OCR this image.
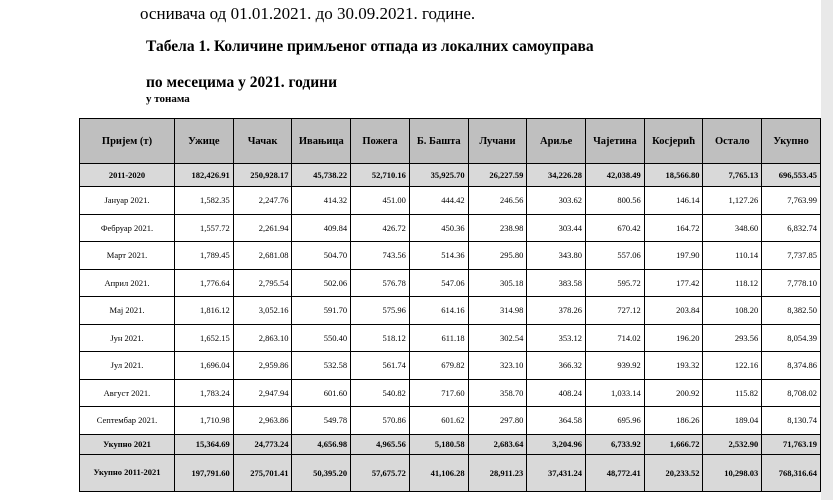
оснивача од 01.01.2021. до 30.09.2021. године.
Табела 1. Количине примљеног отпада из локалних самоуправа
по месецима у 2021. години
у тонама
Пријем (т)	Ужице	Чачак	Ивањица	Пожега	Б. Башта	Лучани	Ариље	Чајетина	Косјерић	Остало	Укупно
2011-2020	182,426.91	250,928.17	45,738.22	52,710.16	35,925.70	26,227.59	34,226.28	42,038.49	18,566.80	7,765.13	696,553.45
Јануар 2021.	1,582.35	2,247.76	414.32	451.00	444.42	246.56	303.62	800.56	146.14	1,127.26	7,763.99
Фебруар 2021.	1,557.72	2,261.94	409.84	426.72	450.36	238.98	303.44	670.42	164.72	348.60	6,832.74
Март 2021.	1,789.45	2,681.08	504.70	743.56	514.36	295.80	343.80	557.06	197.90	110.14	7,737.85
Април 2021.	1,776.64	2,795.54	502.06	576.78	547.06	305.18	383.58	595.72	177.42	118.12	7,778.10
Мај 2021.	1,816.12	3,052.16	591.70	575.96	614.16	314.98	378.26	727.12	203.84	108.20	8,382.50
Јун 2021.	1,652.15	2,863.10	550.40	518.12	611.18	302.54	353.12	714.02	196.20	293.56	8,054.39
Јул 2021.	1,696.04	2,959.86	532.58	561.74	679.82	323.10	366.32	939.92	193.32	122.16	8,374.86
Август 2021.	1,783.24	2,947.94	601.60	540.82	717.60	358.70	408.24	1,033.14	200.92	115.82	8,708.02
Септембар 2021.	1,710.98	2,963.86	549.78	570.86	601.62	297.80	364.58	695.96	186.26	189.04	8,130.74
Укупно 2021	15,364.69	24,773.24	4,656.98	4,965.56	5,180.58	2,683.64	3,204.96	6,733.92	1,666.72	2,532.90	71,763.19
Укупно 2011-2021	197,791.60	275,701.41	50,395.20	57,675.72	41,106.28	28,911.23	37,431.24	48,772.41	20,233.52	10,298.03	768,316.64
